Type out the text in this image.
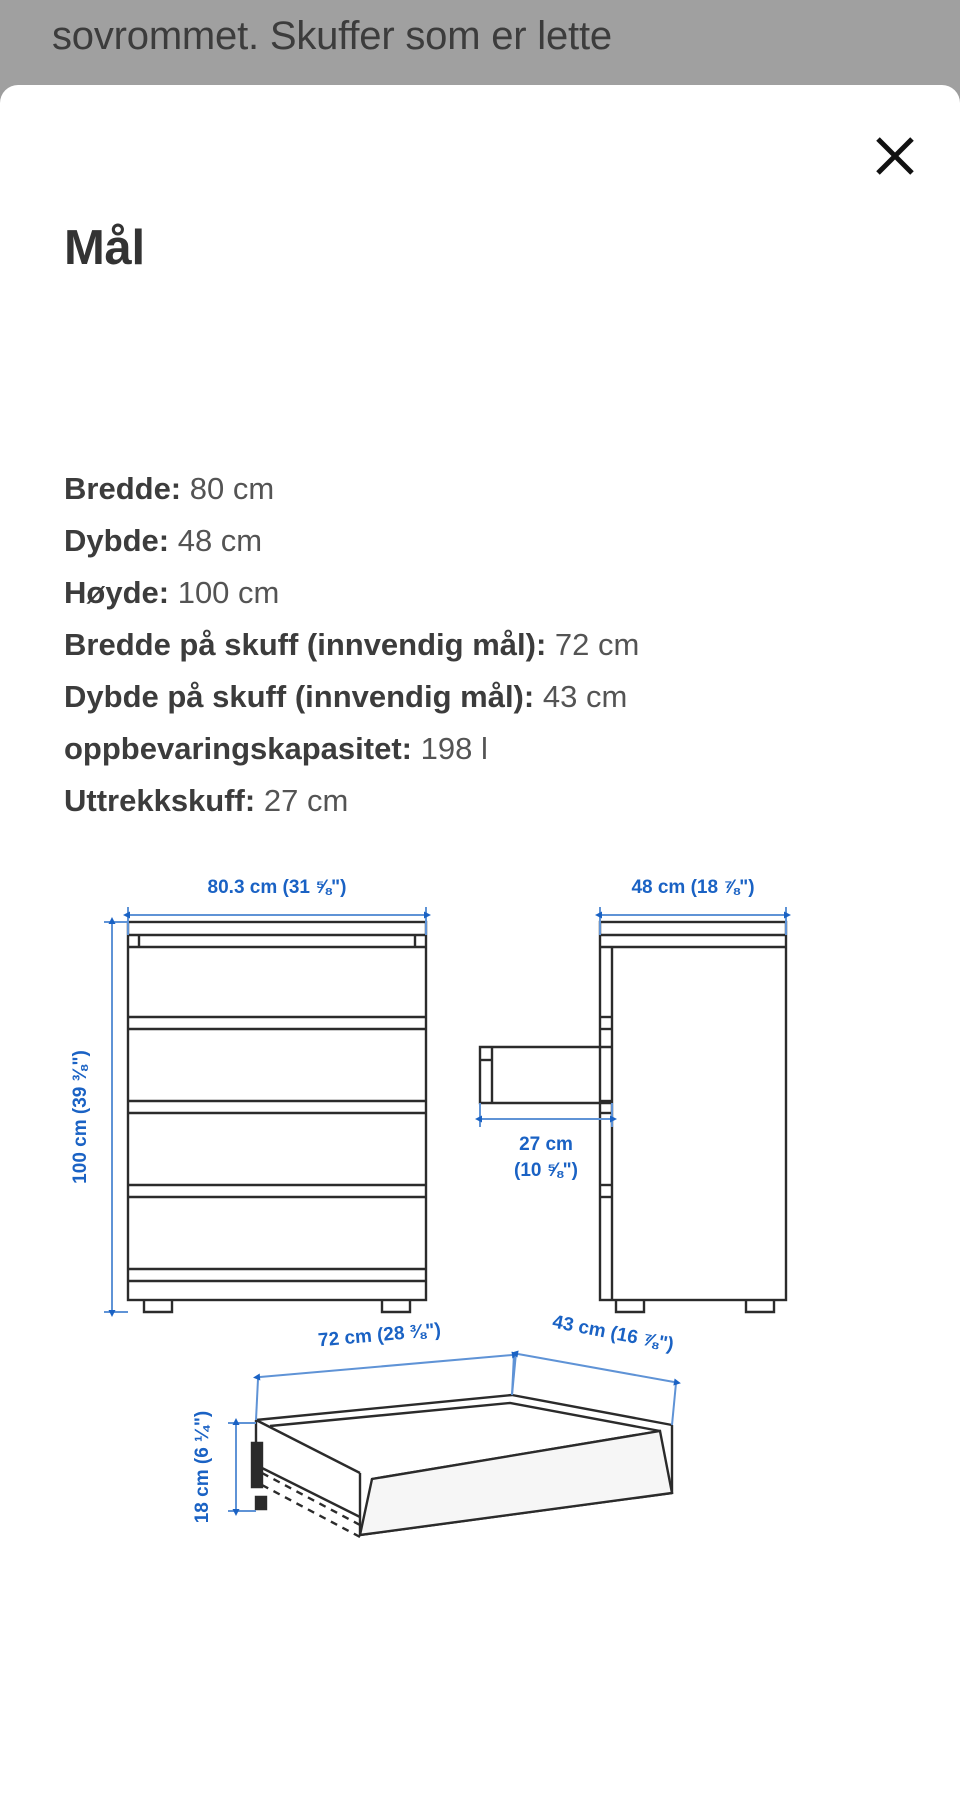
sovrommet. Skuffer som er lette
Mål
Bredde: 80 cm
Dybde: 48 cm
Høyde: 100 cm
Bredde på skuff (innvendig mål): 72 cm
Dybde på skuff (innvendig mål): 43 cm
oppbevaringskapasitet: 198 l
Uttrekkskuff: 27 cm
80.3 cm (31 ⅝")	48 cm (18 ⅞")
100 cm (39 ⅜")	27 cm
(10 ⅝")
72 cm (28 ⅜")	43 cm (16 ⅞")
18 cm (6 ¼")
